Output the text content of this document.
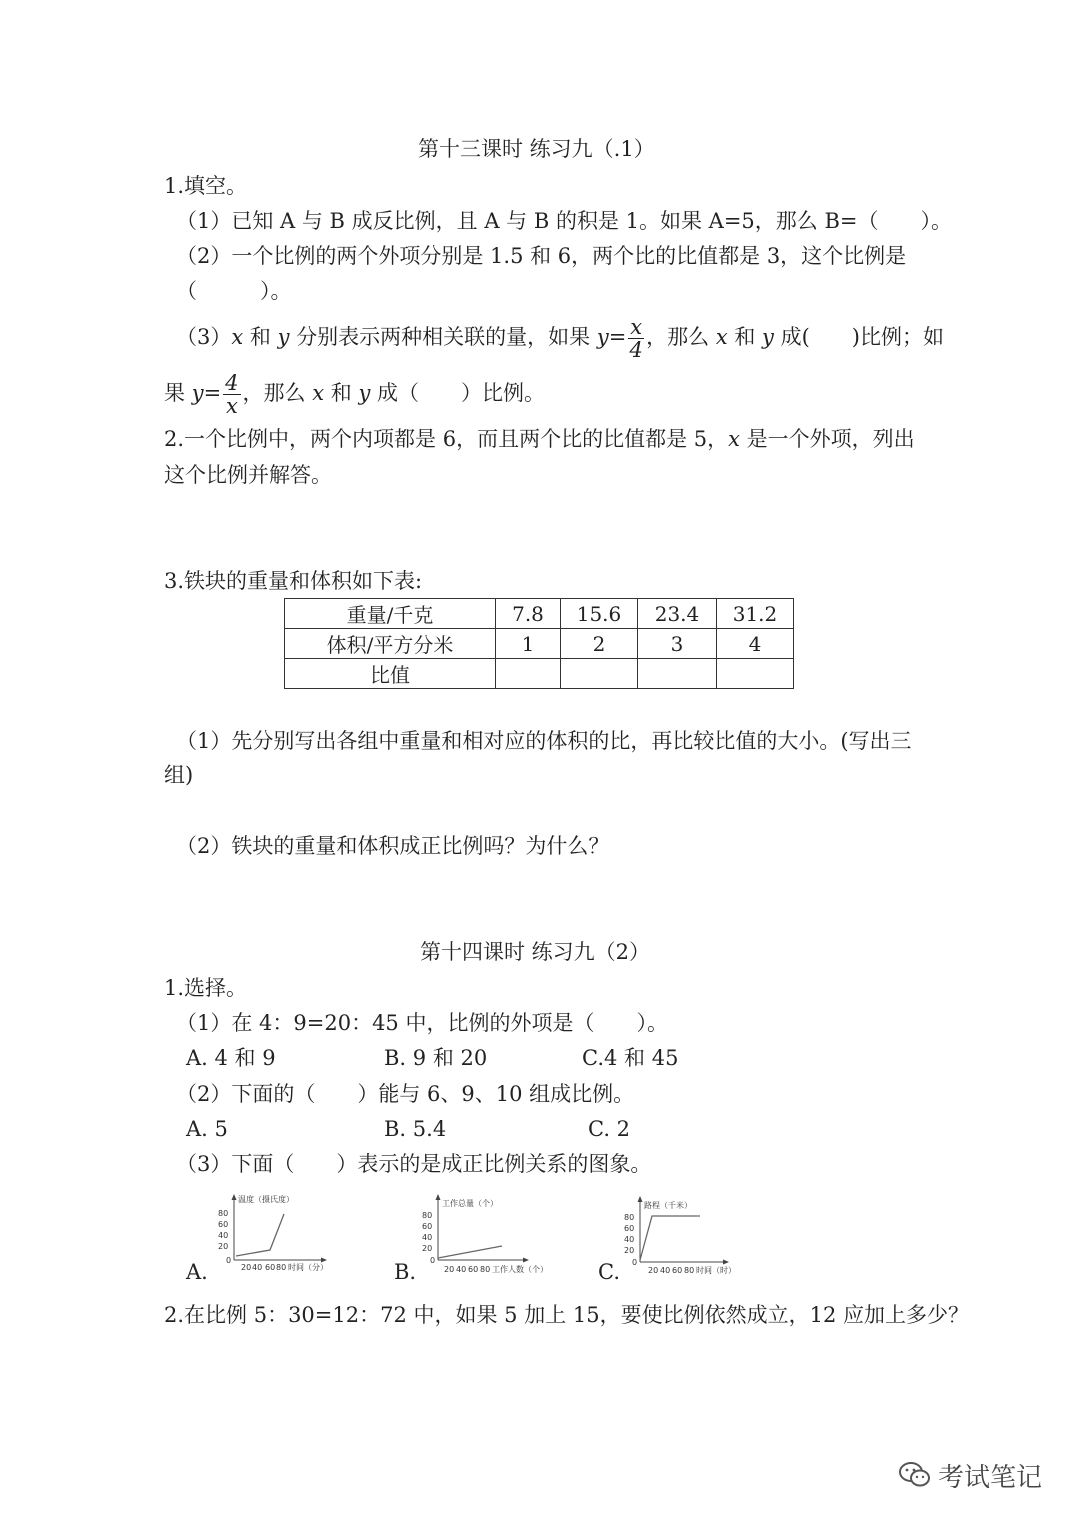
第十三课时 练习九（.1）
1.填空。
（1）已知 A 与 B 成反比例，且 A 与 B 的积是 1。如果 A=5，那么 B=（　　）。
（2）一个比例的两个外项分别是 1.5 和 6，两个比的比值都是 3，这个比例是
（　　　）。
（3）x 和 y 分别表示两种相关联的量，如果 $y= \frac{x}{4}$ ，那么 x 和 y 成(　　)比例；如
果 $y= \frac{4}{x}$ ，那么 x 和 y 成（　　）比例。
2.一个比例中，两个内项都是 6，而且两个比的比值都是 5，x 是一个外项，列出
这个比例并解答。
3.铁块的重量和体积如下表:
重量/千克	7.8	15.6	23.4	31.2
体积/平方分米	1	2	3	4
比值				
（1）先分别写出各组中重量和相对应的体积的比，再比较比值的大小。(写出三
组)
（2）铁块的重量和体积成正比例吗？为什么？
第十四课时 练习九（2）
1.选择。
（1）在 4：9=20：45 中，比例的外项是（　　）。
A. 4 和 9	B. 9 和 20	C.4 和 45
（2）下面的（　　）能与 6、9、10 组成比例。
A. 5	B. 5.4	C. 2
（3）下面（　　）表示的是成正比例关系的图象。
A.
温度（摄氏度）
80
60
40
20
0
20 40 60 80 时间（分）	B.
工作总量（个）
80
60
40
20
0
20 40 60 80 工作人数（个） C.
路程（千米）
80
60
40
20
0
20 40 60 80 时间（时）
2.在比例 5：30=12：72 中，如果 5 加上 15，要使比例依然成立，12 应加上多少？
考试笔记
